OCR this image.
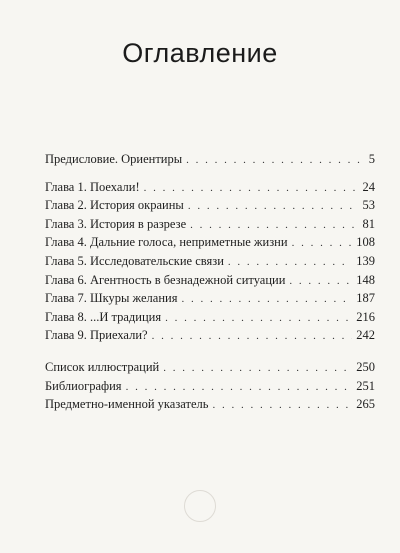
Оглавление
Предисловие. Ориентиры . . .	5
Глава 1. Поехали! . . .	24
Глава 2. История окраины . . .	53
Глава 3. История в разрезе . . .	81
Глава 4. Дальние голоса, неприметные жизни . . .	108
Глава 5. Исследовательские связи . . .	139
Глава 6. Агентность в безнадежной ситуации . . .	148
Глава 7. Шкуры желания . . .	187
Глава 8. ...И традиция . . .	216
Глава 9. Приехали? . . .	242
Список иллюстраций . . .	250
Библиография . . .	251
Предметно-именной указатель . . .	265
